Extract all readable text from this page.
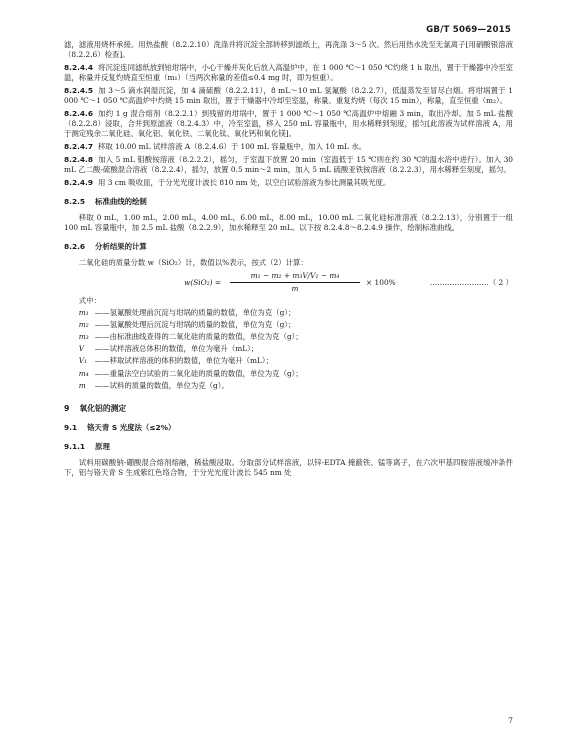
GB/T 5069—2015
滤，滤液用烧杯承接。用热盐酸（8.2.2.10）洗涤并将沉淀全部转移到滤纸上，再洗涤 3～5 次。然后用热水洗至无氯离子[用硝酸银溶液（8.2.2.6）检查]。
8.2.4.4 将沉淀连同滤纸放到铂坩埚中，小心干燥并灰化后放入高温炉中，在 1 000 ℃～1 050 ℃灼烧 1 h 取出，置于干燥器中冷至室温，称量并反复灼烧直至恒重（m₁）（当两次称量的差值≤0.4 mg 时，即为恒重）。
8.2.4.5 加 3～5 滴水润湿沉淀，加 4 滴硫酸（8.2.2.11），8 mL～10 mL 氢氟酸（8.2.2.7），低温蒸发至冒尽白烟。将坩埚置于 1 000 ℃～1 050 ℃高温炉中灼烧 15 min 取出，置于干燥器中冷却至室温，称量。重复灼烧（每次 15 min），称量，直至恒重（m₂）。
8.2.4.6 加约 1 g 混合熔剂（8.2.2.1）到残留的坩埚中，置于 1 000 ℃～1 050 ℃高温炉中熔融 3 min，取出冷却。加 5 mL 盐酸（8.2.2.8）浸取，合并到原滤液（8.2.4.3）中，冷至室温，移入 250 mL 容量瓶中，用水稀释到刻度，摇匀[此溶液为试样溶液 A，用于测定残余二氧化硅、氧化铝、氧化铁、二氧化钛、氧化钙和氧化镁]。
8.2.4.7 移取 10.00 mL 试样溶液 A（8.2.4.6）于 100 mL 容量瓶中，加入 10 mL 水。
8.2.4.8 加入 5 mL 钼酸铵溶液（8.2.2.2），摇匀，于室温下放置 20 min（室温低于 15 ℃则在约 30 ℃的温水浴中进行）。加入 30 mL 乙二酸-硫酸混合溶液（8.2.2.4），摇匀，放置 0.5 min～2 min，加入 5 mL 硫酸亚铁铵溶液（8.2.2.3），用水稀释至刻度，摇匀。
8.2.4.9 用 3 cm 吸收皿，于分光光度计波长 810 nm 处，以空白试验溶液为参比测量其吸光度。
8.2.5 标准曲线的绘制
移取 0 mL，1.00 mL，2.00 mL，4.00 mL，6.00 mL，8.00 mL，10.00 mL 二氧化硅标准溶液（8.2.2.13），分别置于一组 100 mL 容量瓶中，加 2.5 mL 盐酸（8.2.2.9），加水稀释至 20 mL。以下按 8.2.4.8～8.2.4.9 操作，绘制标准曲线。
8.2.6 分析结果的计算
二氧化硅的质量分数 w（SiO₂）计，数值以%表示，按式（2）计算：
$w(SiO_2) = \frac{\text{m₁ − m₂ + m₃V/V₁ − m₄}}{m} \times 100\%$	……………………（ 2 ）
式中：
m₁ ——氢氟酸处理前沉淀与坩埚的质量的数值，单位为克（g）；
m₂ ——氢氟酸处理后沉淀与坩埚的质量的数值，单位为克（g）；
m₃ ——由标准曲线查得的二氧化硅的质量的数值，单位为克（g）；
V ——试样溶液总体积的数值，单位为毫升（mL）；
V₁ ——移取试样溶液的体积的数值，单位为毫升（mL）；
m₄ ——重量法空白试验的二氧化硅的质量的数值，单位为克（g）；
m ——试料的质量的数值，单位为克（g）。
9 氧化铝的测定
9.1 铬天青 S 光度法（≤2%）
9.1.1 原理
试料用碳酸钠-硼酸混合熔剂熔融，稀盐酸浸取。分取部分试样溶液，以锌-EDTA 掩蔽铁、锰等离子，在六次甲基四胺溶液缓冲条件下，铝与铬天青 S 生成紫红色络合物，于分光光度计波长 545 nm 处
7
